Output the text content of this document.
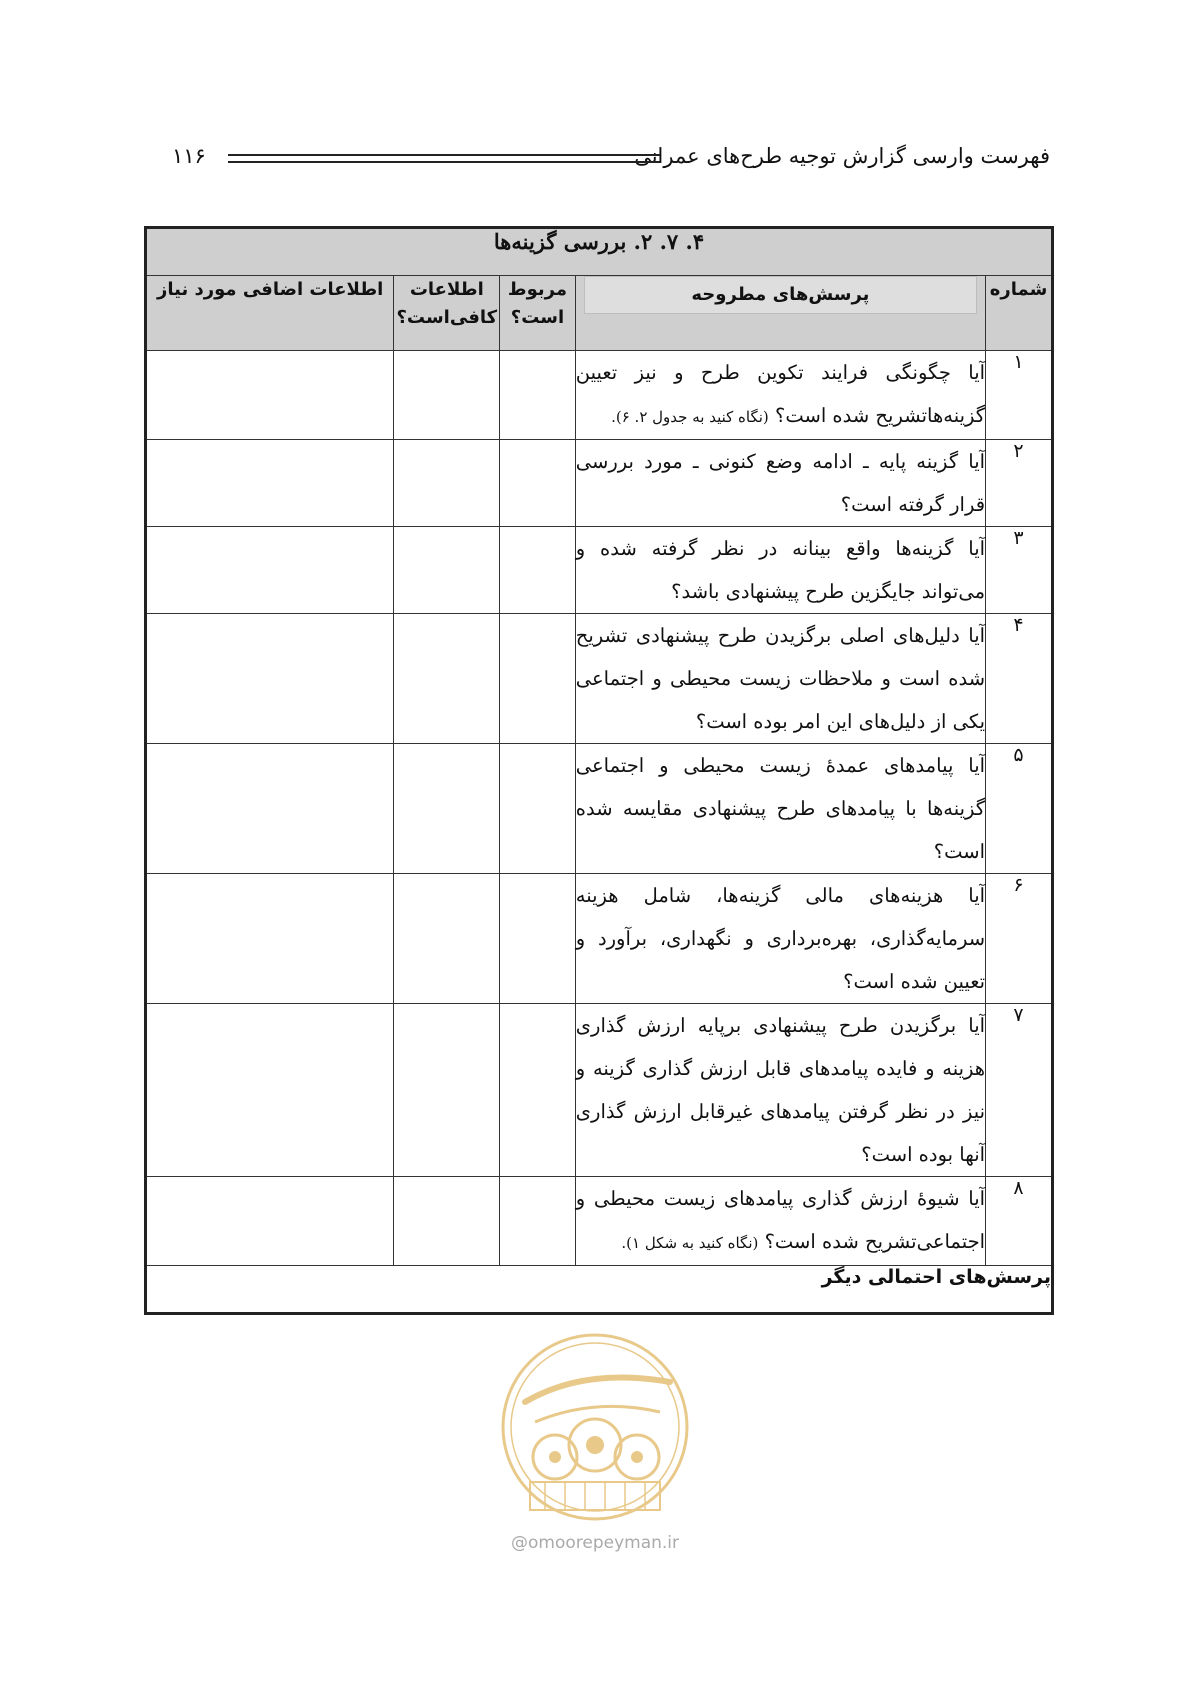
فهرست وارسی گزارش توجیه طرح‌های عمرانی
۱۱۶
۴. ۷. ۲. بررسی گزینه‌ها				
شماره	پرسش‌های مطروحه	مربوط است؟	اطلاعات کافی‌است؟	اطلاعات اضافی مورد نیاز
۱	آیا چگونگی فرایند تکوین طرح و نیز تعیین گزینه‌هاتشریح شده است؟ (نگاه کنید به جدول ۲. ۶).			
۲	آیا گزینه پایه ـ ادامه وضع کنونی ـ مورد بررسی قرار گرفته است؟			
۳	آیا گزینه‌ها واقع بینانه در نظر گرفته شده و می‌تواند جایگزین طرح پیشنهادی باشد؟			
۴	آیا دلیل‌های اصلی برگزیدن طرح پیشنهادی تشریح شده است و ملاحظات زیست محیطی و اجتماعی یکی از دلیل‌های این امر بوده است؟			
۵	آیا پیامدهای عمدهٔ زیست محیطی و اجتماعی گزینه‌ها با پیامدهای طرح پیشنهادی مقایسه شده است؟			
۶	آیا هزینه‌های مالی گزینه‌ها، شامل هزینه سرمایه‌گذاری، بهره‌برداری و نگهداری، برآورد و تعیین شده است؟			
۷	آیا برگزیدن طرح پیشنهادی برپایه ارزش گذاری هزینه و فایده پیامدهای قابل ارزش گذاری گزینه و نیز در نظر گرفتن پیامدهای غیرقابل ارزش گذاری آنها بوده است؟			
۸	آیا شیوهٔ ارزش گذاری پیامدهای زیست محیطی و اجتماعی‌تشریح شده است؟ (نگاه کنید به شکل ۱).			
پرسش‌های احتمالی دیگر				
@omoorepeyman.ir
